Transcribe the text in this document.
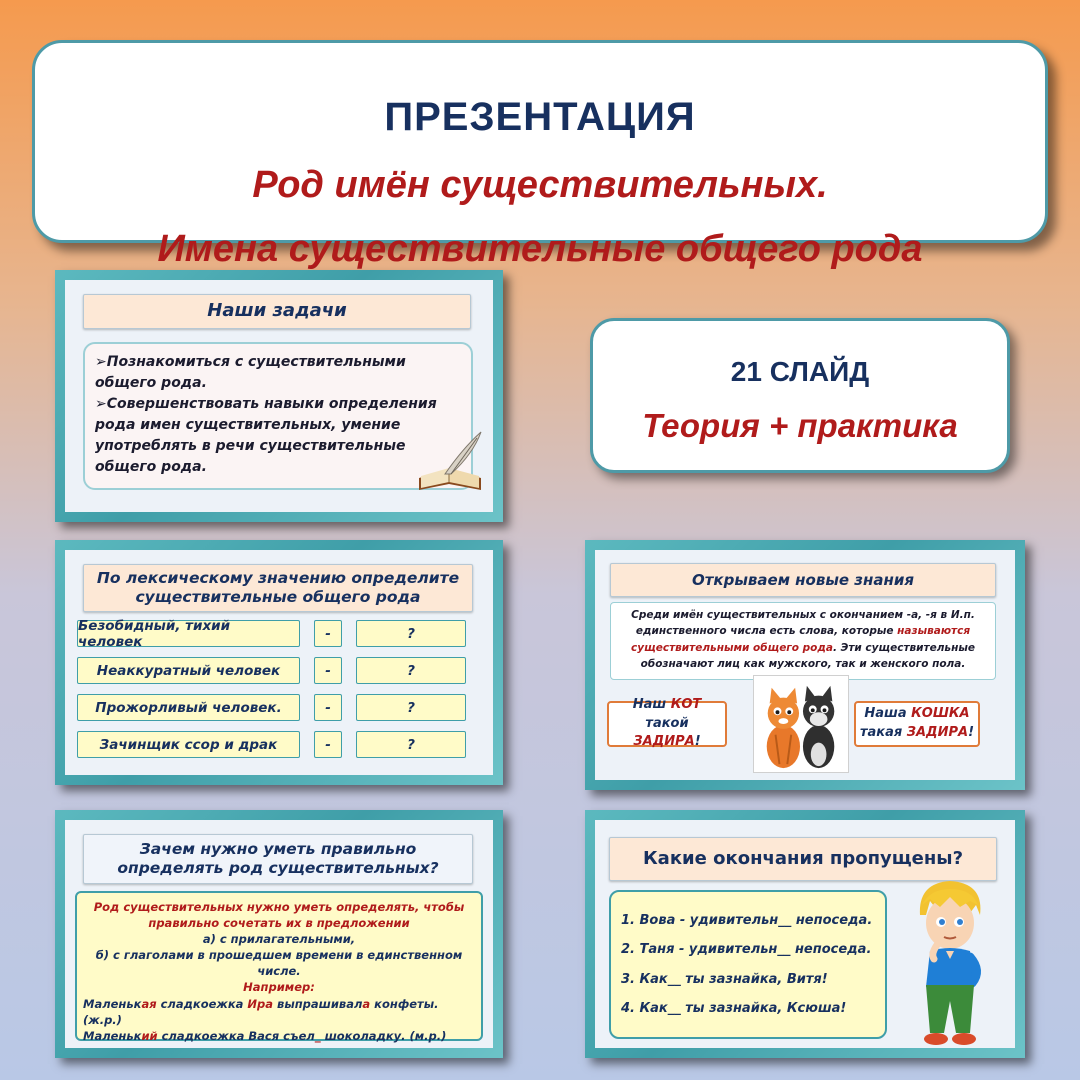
ПРЕЗЕНТАЦИЯ
Род имён существительных.
Имена существительные общего рода
Наши задачи
➢Познакомиться с существительными общего рода.
➢Совершенствовать навыки определения рода имен существительных, умение употреблять в речи существительные общего рода.
21 СЛАЙД
Теория + практика
По лексическому значению определите существительные общего рода
Безобидный, тихий человек	-	?
Неаккуратный человек	-	?
Прожорливый человек.	-	?
Зачинщик ссор и драк	-	?
Открываем новые знания
Среди имён существительных с окончанием -а, -я в И.п. единственного числа есть слова, которые называются существительными общего рода. Эти существительные обозначают лиц как мужского, так и женского пола.
Наш КОТ такой
ЗАДИРА!
Наша КОШКА
такая ЗАДИРА!
Зачем нужно уметь правильно определять род существительных?
Род существительных нужно уметь определять, чтобы правильно сочетать их в предложении
а) с прилагательными,
б) с глаголами в прошедшем времени в единственном числе.
Например:
Маленькая сладкоежка Ира выпрашивала конфеты. (ж.р.)
Маленький сладкоежка Вася съел_ шоколадку. (м.р.)
Какие окончания пропущены?
1. Вова - удивительн__ непоседа.
2. Таня - удивительн__ непоседа.
3. Как__ ты зазнайка, Витя!
4. Как__ ты зазнайка, Ксюша!
